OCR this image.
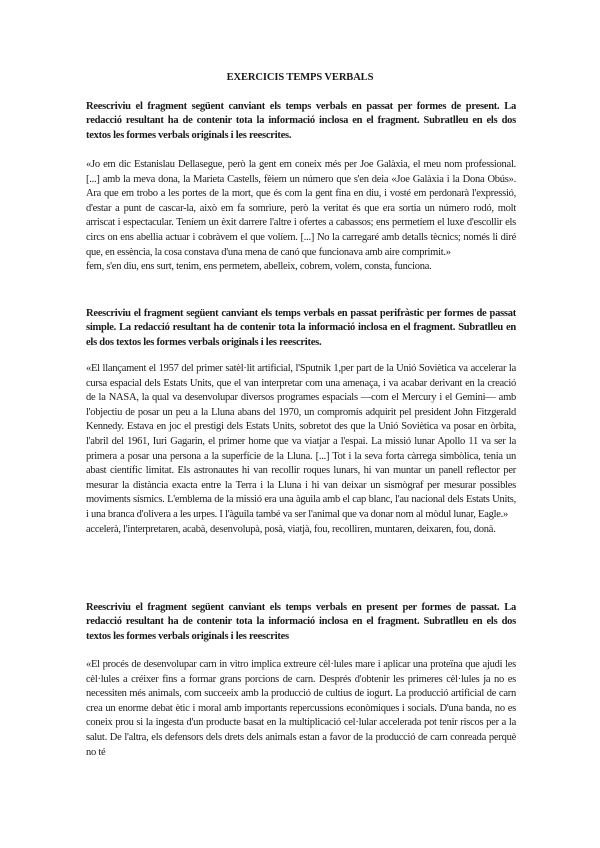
EXERCICIS TEMPS VERBALS

Reescriviu el fragment següent canviant els temps verbals en passat per formes de present. La redacció resultant ha de contenir tota la informació inclosa en el fragment. Subratlleu en els dos textos les formes verbals originals i les reescrites.

«Jo em dic Estanislau Dellasegue, però la gent em coneix més per Joe Galàxia, el meu nom professional. [...] amb la meva dona, la Marieta Castells, fèiem un número que s'en deia «Joe Galàxia i la Dona Obús». Ara que em trobo a les portes de la mort, que és com la gent fina en diu, i vosté em perdonarà l'expressió, d'estar a punt de cascar-la, això em fa somriure, però la veritat és que era sortia un número rodó, molt arriscat i espectacular. Teníem un èxit darrere l'altre i ofertes a cabassos; ens permetíem el luxe d'escollir els circs on ens abellia actuar i cobràvem el que volíem. [...] No la carregaré amb detalls tècnics; només li diré que, en essència, la cosa constava d'una mena de canó que funcionava amb aire comprimit.»

fem, s'en diu, ens surt, tenim, ens permetem, abelleix, cobrem, volem, consta, funciona.

Reescriviu el fragment següent canviant els temps verbals en passat perifràstic per formes de passat simple. La redacció resultant ha de contenir tota la informació inclosa en el fragment. Subratlleu en els dos textos les formes verbals originals i les reescrites.

«El llançament el 1957 del primer satèl·lit artificial, l'Sputnik 1,per part de la Unió Soviètica va accelerar la cursa espacial dels Estats Units, que el van interpretar com una amenaça, i va acabar derivant en la creació de la NASA, la qual va desenvolupar diversos programes espacials —com el Mercury i el Gemini— amb l'objectiu de posar un peu a la Lluna abans del 1970, un compromís adquirit pel president John Fitzgerald Kennedy. Estava en joc el prestigi dels Estats Units, sobretot des que la Unió Soviètica va posar en òrbita, l'abril del 1961, Iuri Gagarin, el primer home que va viatjar a l'espai. La missió lunar Apollo 11 va ser la primera a posar una persona a la superfície de la Lluna. [...] Tot i la seva forta càrrega simbòlica, tenia un abast científic limitat. Els astronautes hi van recollir roques lunars, hi van muntar un panell reflector per mesurar la distància exacta entre la Terra i la Lluna i hi van deixar un sismògraf per mesurar possibles moviments sísmics. L'emblema de la missió era una àguila amb el cap blanc, l'au nacional dels Estats Units, i una branca d'olivera a les urpes. I l'àguila també va ser l'animal que va donar nom al mòdul lunar, Eagle.»

accelerà, l'interpretaren, acabà, desenvolupà, posà, viatjà, fou, recolliren, muntaren, deixaren, fou, donà.

Reescriviu el fragment següent canviant els temps verbals en present per formes de passat. La redacció resultant ha de contenir tota la informació inclosa en el fragment. Subratlleu en els dos textos les formes verbals originals i les reescrites

«El procés de desenvolupar carn in vitro implica extreure cèl·lules mare i aplicar una proteïna que ajudi les cèl·lules a créixer fins a formar grans porcions de carn. Després d'obtenir les primeres cèl·lules ja no es necessiten més animals, com succeeix amb la producció de cultius de iogurt. La producció artificial de carn crea un enorme debat ètic i moral amb importants repercussions econòmiques i socials. D'una banda, no es coneix prou si la ingesta d'un producte basat en la multiplicació cel·lular accelerada pot tenir riscos per a la salut. De l'altra, els defensors dels drets dels animals estan a favor de la producció de carn conreada perquè no té
